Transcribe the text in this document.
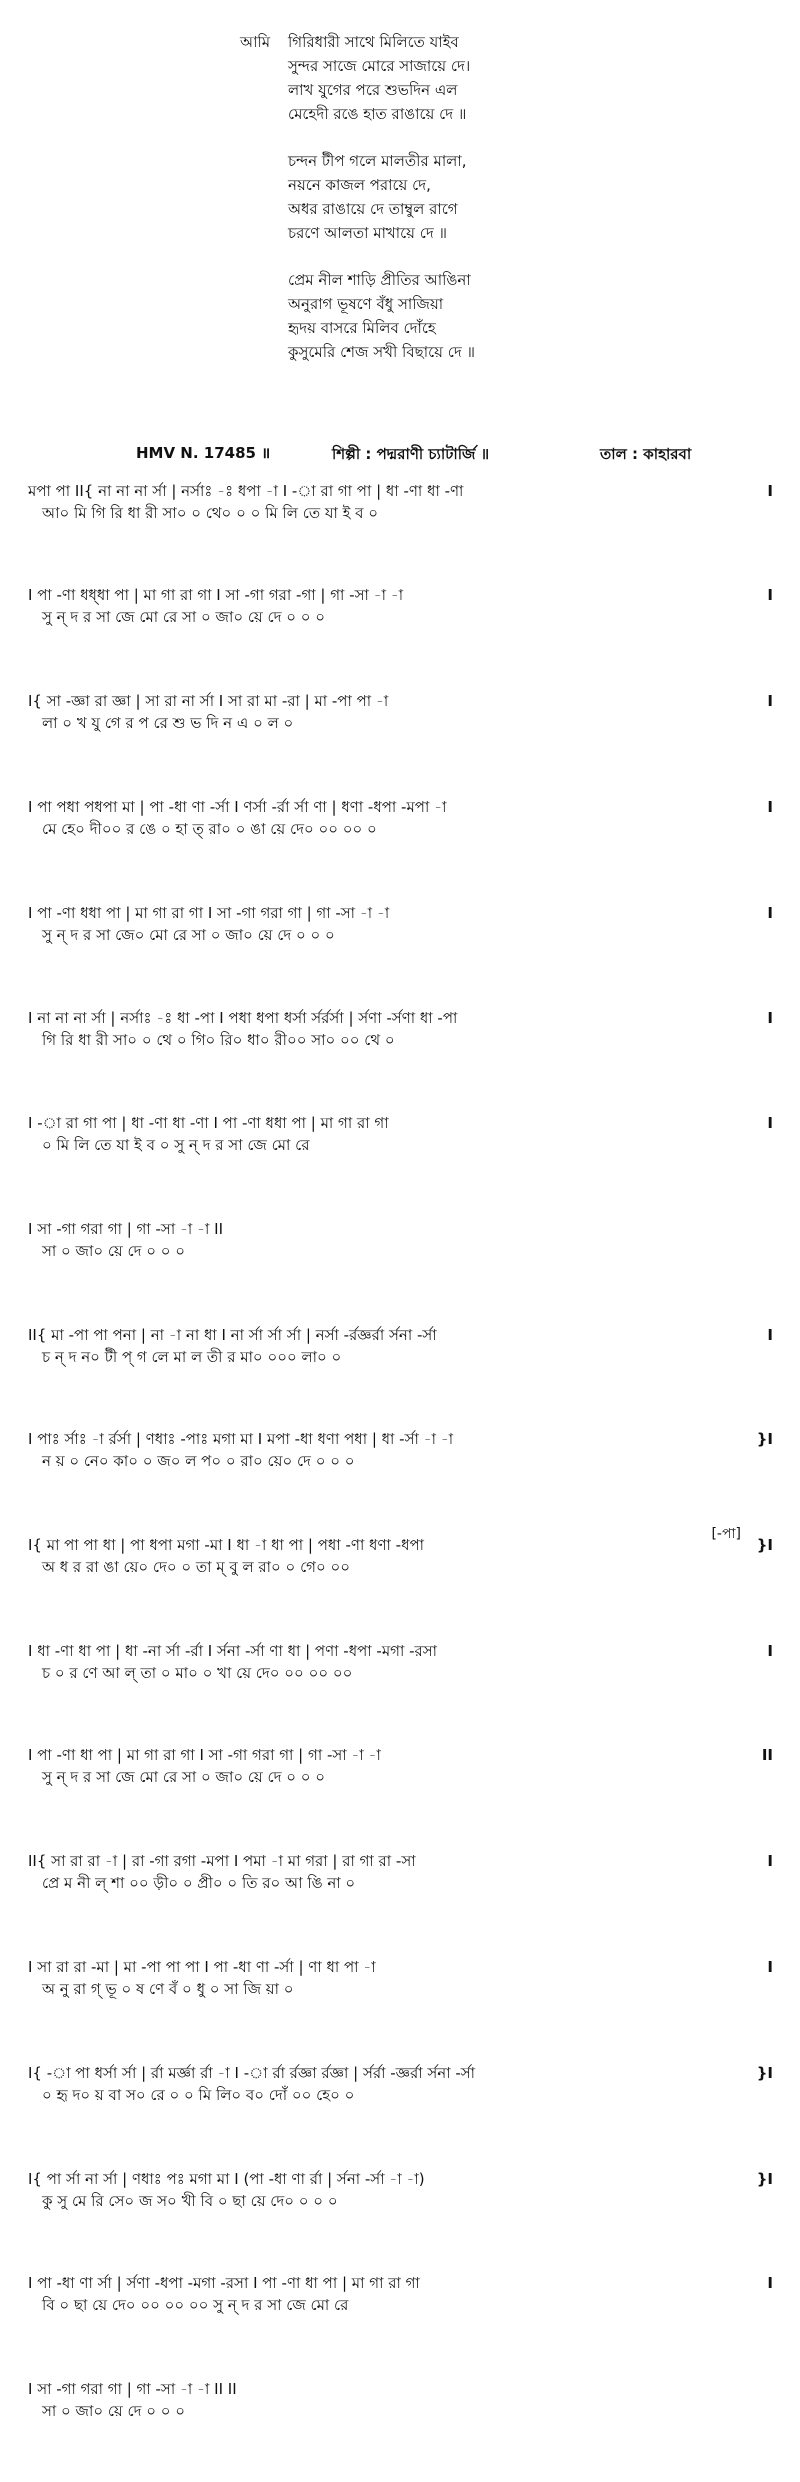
আমি গিরিধারী সাথে মিলিতে যাইব
সুন্দর সাজে মোরে সাজায়ে দে।
লাখ যুগের পরে শুভদিন এল
মেহেদী রঙে হাত রাঙায়ে দে ॥
চন্দন টীপ গলে মালতীর মালা,
নয়নে কাজল পরায়ে দে,
অধর রাঙায়ে দে তাম্বুল রাগে
চরণে আলতা মাখায়ে দে ॥
প্রেম নীল শাড়ি প্রীতির আঙিনা
অনুরাগ ভূষণে বঁধু সাজিয়া
হৃদয় বাসরে মিলিব দোঁহে
কুসুমেরি শেজ সখী বিছায়ে দে ॥
HMV N. 17485 ॥	শিল্পী : পদ্মরাণী চ্যাটার্জি ॥	তাল : কাহারবা
মপা পা II{ না না না র্সা | নর্সাঃ -ঃ ধপা -া I -া রা গা পা | ধা -ণা ধা -ণা	I
আ০ মি গি রি ধা রী সা০ ০ থে০ ০ ০ মি লি তে যা ই ব ০
I পা -ণা ধধ্ধা পা | মা গা রা গা I সা -গা গরা -গা | গা -সা -া -া	I
সু ন্ দ র সা জে মো রে সা ০ জা০ য়ে দে ০ ০ ০
I{ সা -জ্ঞা রা জ্ঞা | সা রা না র্সা I সা রা মা -রা | মা -পা পা -া	I
লা ০ খ যু গে র প রে শু ভ দি ন এ ০ ল ০
I পা পধা পধপা মা | পা -ধা ণা -র্সা I ণর্সা -র্রা র্সা ণা | ধণা -ধপা -মপা -া	I
মে হে০ দী০০ র ঙে ০ হা ত্ রা০ ০ ঙা য়ে দে০ ০০ ০০ ০
I পা -ণা ধধা পা | মা গা রা গা I সা -গা গরা গা | গা -সা -া -া	I
সু ন্ দ র সা জে০ মো রে সা ০ জা০ য়ে দে ০ ০ ০
I না না না র্সা | নর্সাঃ -ঃ ধা -পা I পধা ধপা ধর্সা র্সর্রর্সা | র্সণা -র্সণা ধা -পা	I
গি রি ধা রী সা০ ০ থে ০ গি০ রি০ ধা০ রী০০ সা০ ০০ থে ০
I -া রা গা পা | ধা -ণা ধা -ণা I পা -ণা ধধা পা | মা গা রা গা	I
০ মি লি তে যা ই ব ০ সু ন্ দ র সা জে মো রে
I সা -গা গরা গা | গা -সা -া -া II
সা ০ জা০ য়ে দে ০ ০ ০
II{ মা -পা পা পনা | না -া না ধা I না র্সা র্সা র্সা | নর্সা -র্রজ্ঞর্রা র্সনা -র্সা	I
চ ন্ দ ন০ টী প্ গ লে মা ল তী র মা০ ০০০ লা০ ০
I পাঃ র্সাঃ -া র্রর্সা | ণধাঃ -পাঃ মগা মা I মপা -ধা ধণা পধা | ধা -র্সা -া -া	}I
ন য় ০ নে০ কা০ ০ জ০ ল প০ ০ রা০ য়ে০ দে ০ ০ ০
[-পা]
I{ মা পা পা ধা | পা ধপা মগা -মা I ধা -া ধা পা | পধা -ণা ধণা -ধপা	}I
অ ধ র রা ঙা য়ে০ দে০ ০ তা ম্ বু ল রা০ ০ গে০ ০০
I ধা -ণা ধা পা | ধা -না র্সা -র্রা I র্সনা -র্সা ণা ধা | পণা -ধপা -মগা -রসা	I
চ ০ র ণে আ ল্ তা ০ মা০ ০ খা য়ে দে০ ০০ ০০ ০০
I পা -ণা ধা পা | মা গা রা গা I সা -গা গরা গা | গা -সা -া -া	II
সু ন্ দ র সা জে মো রে সা ০ জা০ য়ে দে ০ ০ ০
II{ সা রা রা -া | রা -গা রগা -মপা I পমা -া মা গরা | রা গা রা -সা	I
প্রে ম নী ল্ শা ০০ ড়ী০ ০ প্রী০ ০ তি র০ আ ঙি না ০
I সা রা রা -মা | মা -পা পা পা I পা -ধা ণা -র্সা | ণা ধা পা -া	I
অ নু রা গ্ ভূ ০ ষ ণে বঁ ০ ধু ০ সা জি য়া ০
I{ -া পা ধর্সা র্সা | র্রা মর্জ্ঞা র্রা -া I -া র্রা র্রজ্ঞা র্রজ্ঞা | র্সর্রা -জ্ঞর্রা র্সনা -র্সা	}I
০ হৃ দ০ য় বা স০ রে ০ ০ মি লি০ ব০ দোঁ ০০ হে০ ০
I{ পা র্সা না র্সা | ণধাঃ পঃ মগা মা I (পা -ধা ণা র্রা | র্সনা -র্সা -া -া)	}I
কু সু মে রি সে০ জ স০ খী বি ০ ছা য়ে দে০ ০ ০ ০
I পা -ধা ণা র্সা | র্সণা -ধপা -মগা -রসা I পা -ণা ধা পা | মা গা রা গা	I
বি ০ ছা য়ে দে০ ০০ ০০ ০০ সু ন্ দ র সা জে মো রে
I সা -গা গরা গা | গা -সা -া -া II II
সা ০ জা০ য়ে দে ০ ০ ০
